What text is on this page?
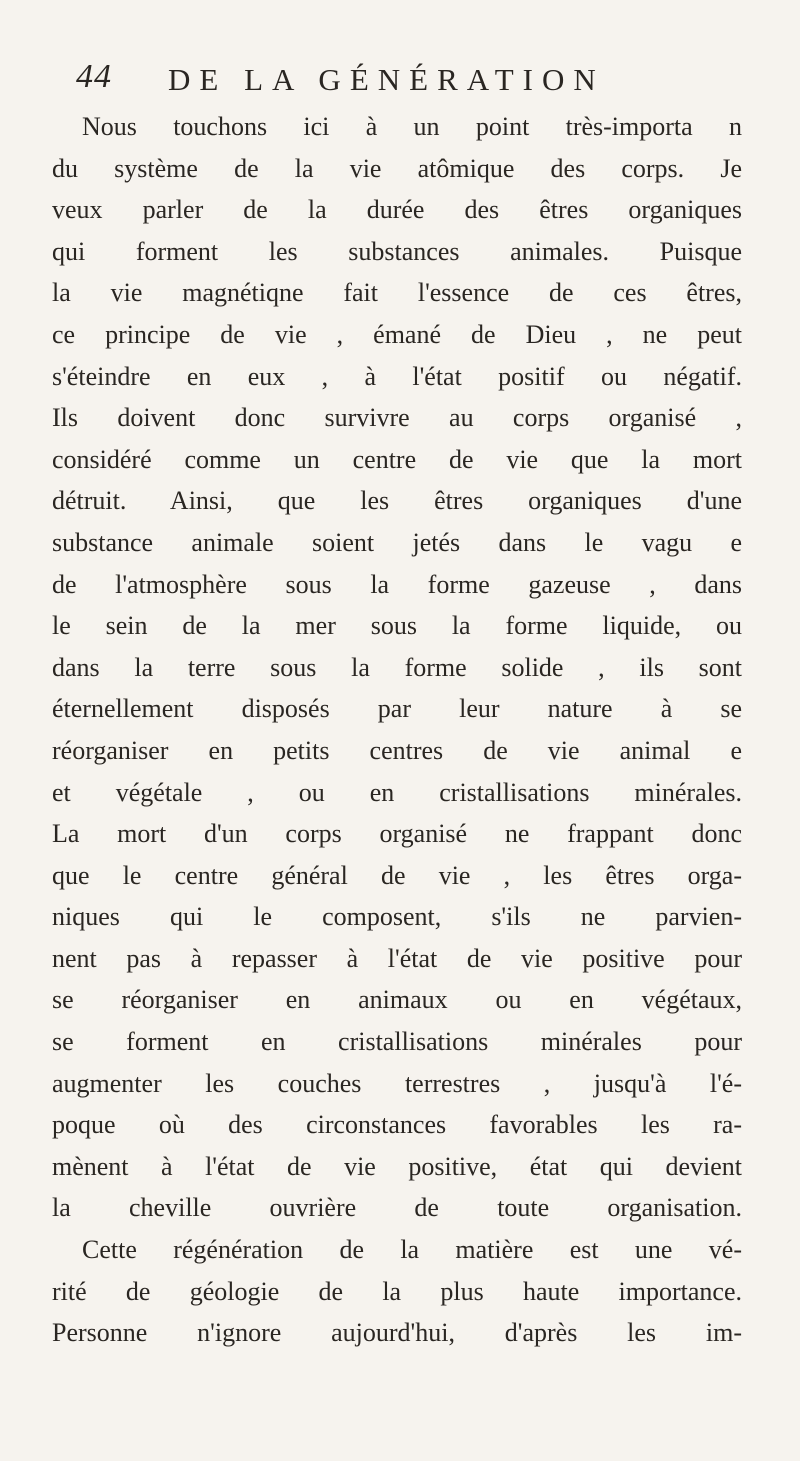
44 DE LA GÉNÉRATION
Nous touchons ici à un point très-importa n
du système de la vie atômique des corps. Je
veux parler de la durée des êtres organiques
qui forment les substances animales. Puisque
la vie magnétiqne fait l'essence de ces êtres,
ce principe de vie , émané de Dieu , ne peut
s'éteindre en eux , à l'état positif ou négatif.
Ils doivent donc survivre au corps organisé ,
considéré comme un centre de vie que la mort
détruit. Ainsi, que les êtres organiques d'une
substance animale soient jetés dans le vagu e
de l'atmosphère sous la forme gazeuse , dans
le sein de la mer sous la forme liquide, ou
dans la terre sous la forme solide , ils sont
éternellement disposés par leur nature à se
réorganiser en petits centres de vie animal e
et végétale , ou en cristallisations minérales.
La mort d'un corps organisé ne frappant donc
que le centre général de vie , les êtres orga-
niques qui le composent, s'ils ne parvien-
nent pas à repasser à l'état de vie positive pour
se réorganiser en animaux ou en végétaux,
se forment en cristallisations minérales pour
augmenter les couches terrestres , jusqu'à l'é-
poque où des circonstances favorables les ra-
mènent à l'état de vie positive, état qui devient
la cheville ouvrière de toute organisation.
Cette régénération de la matière est une vé-
rité de géologie de la plus haute importance.
Personne n'ignore aujourd'hui, d'après les im-
